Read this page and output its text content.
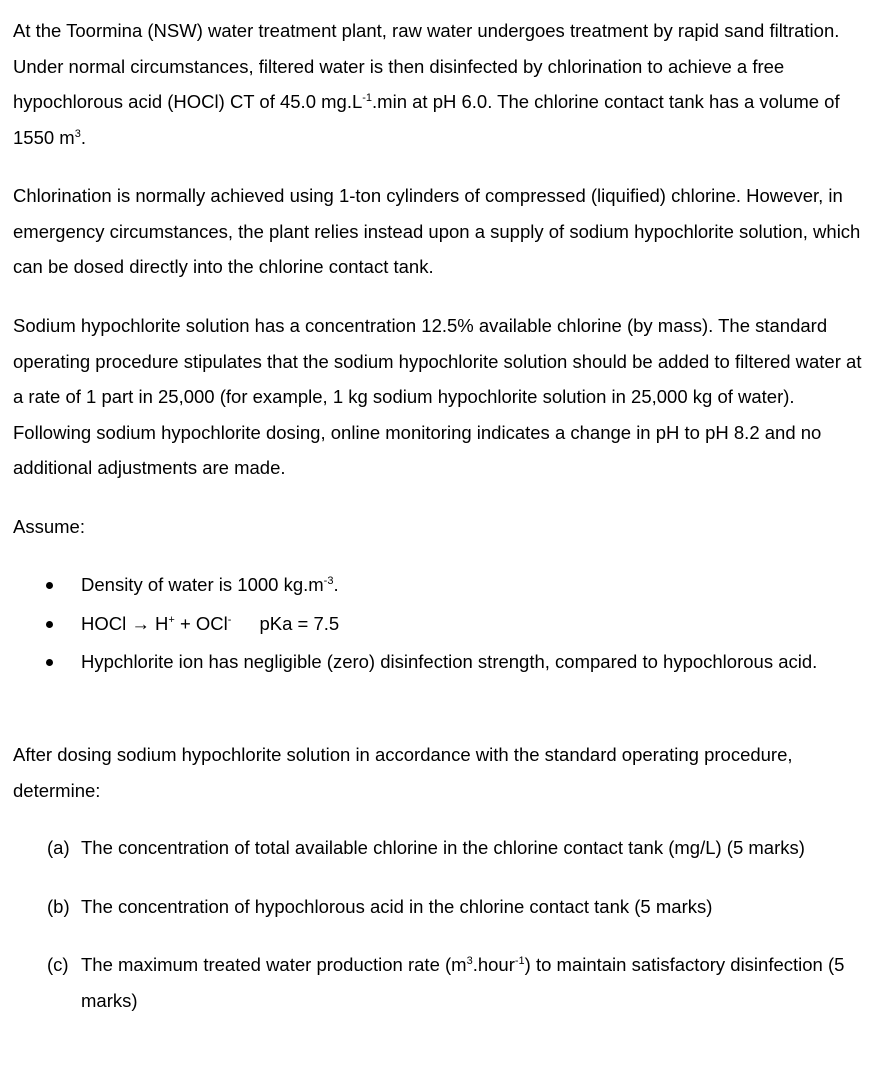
At the Toormina (NSW) water treatment plant, raw water undergoes treatment by rapid sand filtration. Under normal circumstances, filtered water is then disinfected by chlorination to achieve a free hypochlorous acid (HOCl) CT of 45.0 $mg.L^{-1}.\min$ at pH 6.0. The chlorine contact tank has a volume of 1550 $m^3$.

Chlorination is normally achieved using 1-ton cylinders of compressed (liquified) chlorine. However, in emergency circumstances, the plant relies instead upon a supply of sodium hypochlorite solution, which can be dosed directly into the chlorine contact tank.

Sodium hypochlorite solution has a concentration 12.5% available chlorine (by mass). The standard operating procedure stipulates that the sodium hypochlorite solution should be added to filtered water at a rate of 1 part in 25,000 (for example, 1 kg sodium hypochlorite solution in 25,000 kg of water). Following sodium hypochlorite dosing, online monitoring indicates a change in pH to pH 8.2 and no additional adjustments are made.

Assume:

Density of water is 1000 $kg.m^{-3}$.
HOCl → H+ + OCl- pKa = 7.5
Hypchlorite ion has negligible (zero) disinfection strength, compared to hypochlorous acid.

After dosing sodium hypochlorite solution in accordance with the standard operating procedure, determine:

(a) The concentration of total available chlorine in the chlorine contact tank (mg/L) (5 marks)
(b) The concentration of hypochlorous acid in the chlorine contact tank (5 marks)
(c) The maximum treated water production rate $(m^3.hour^{-1})$ to maintain satisfactory disinfection (5 marks)
